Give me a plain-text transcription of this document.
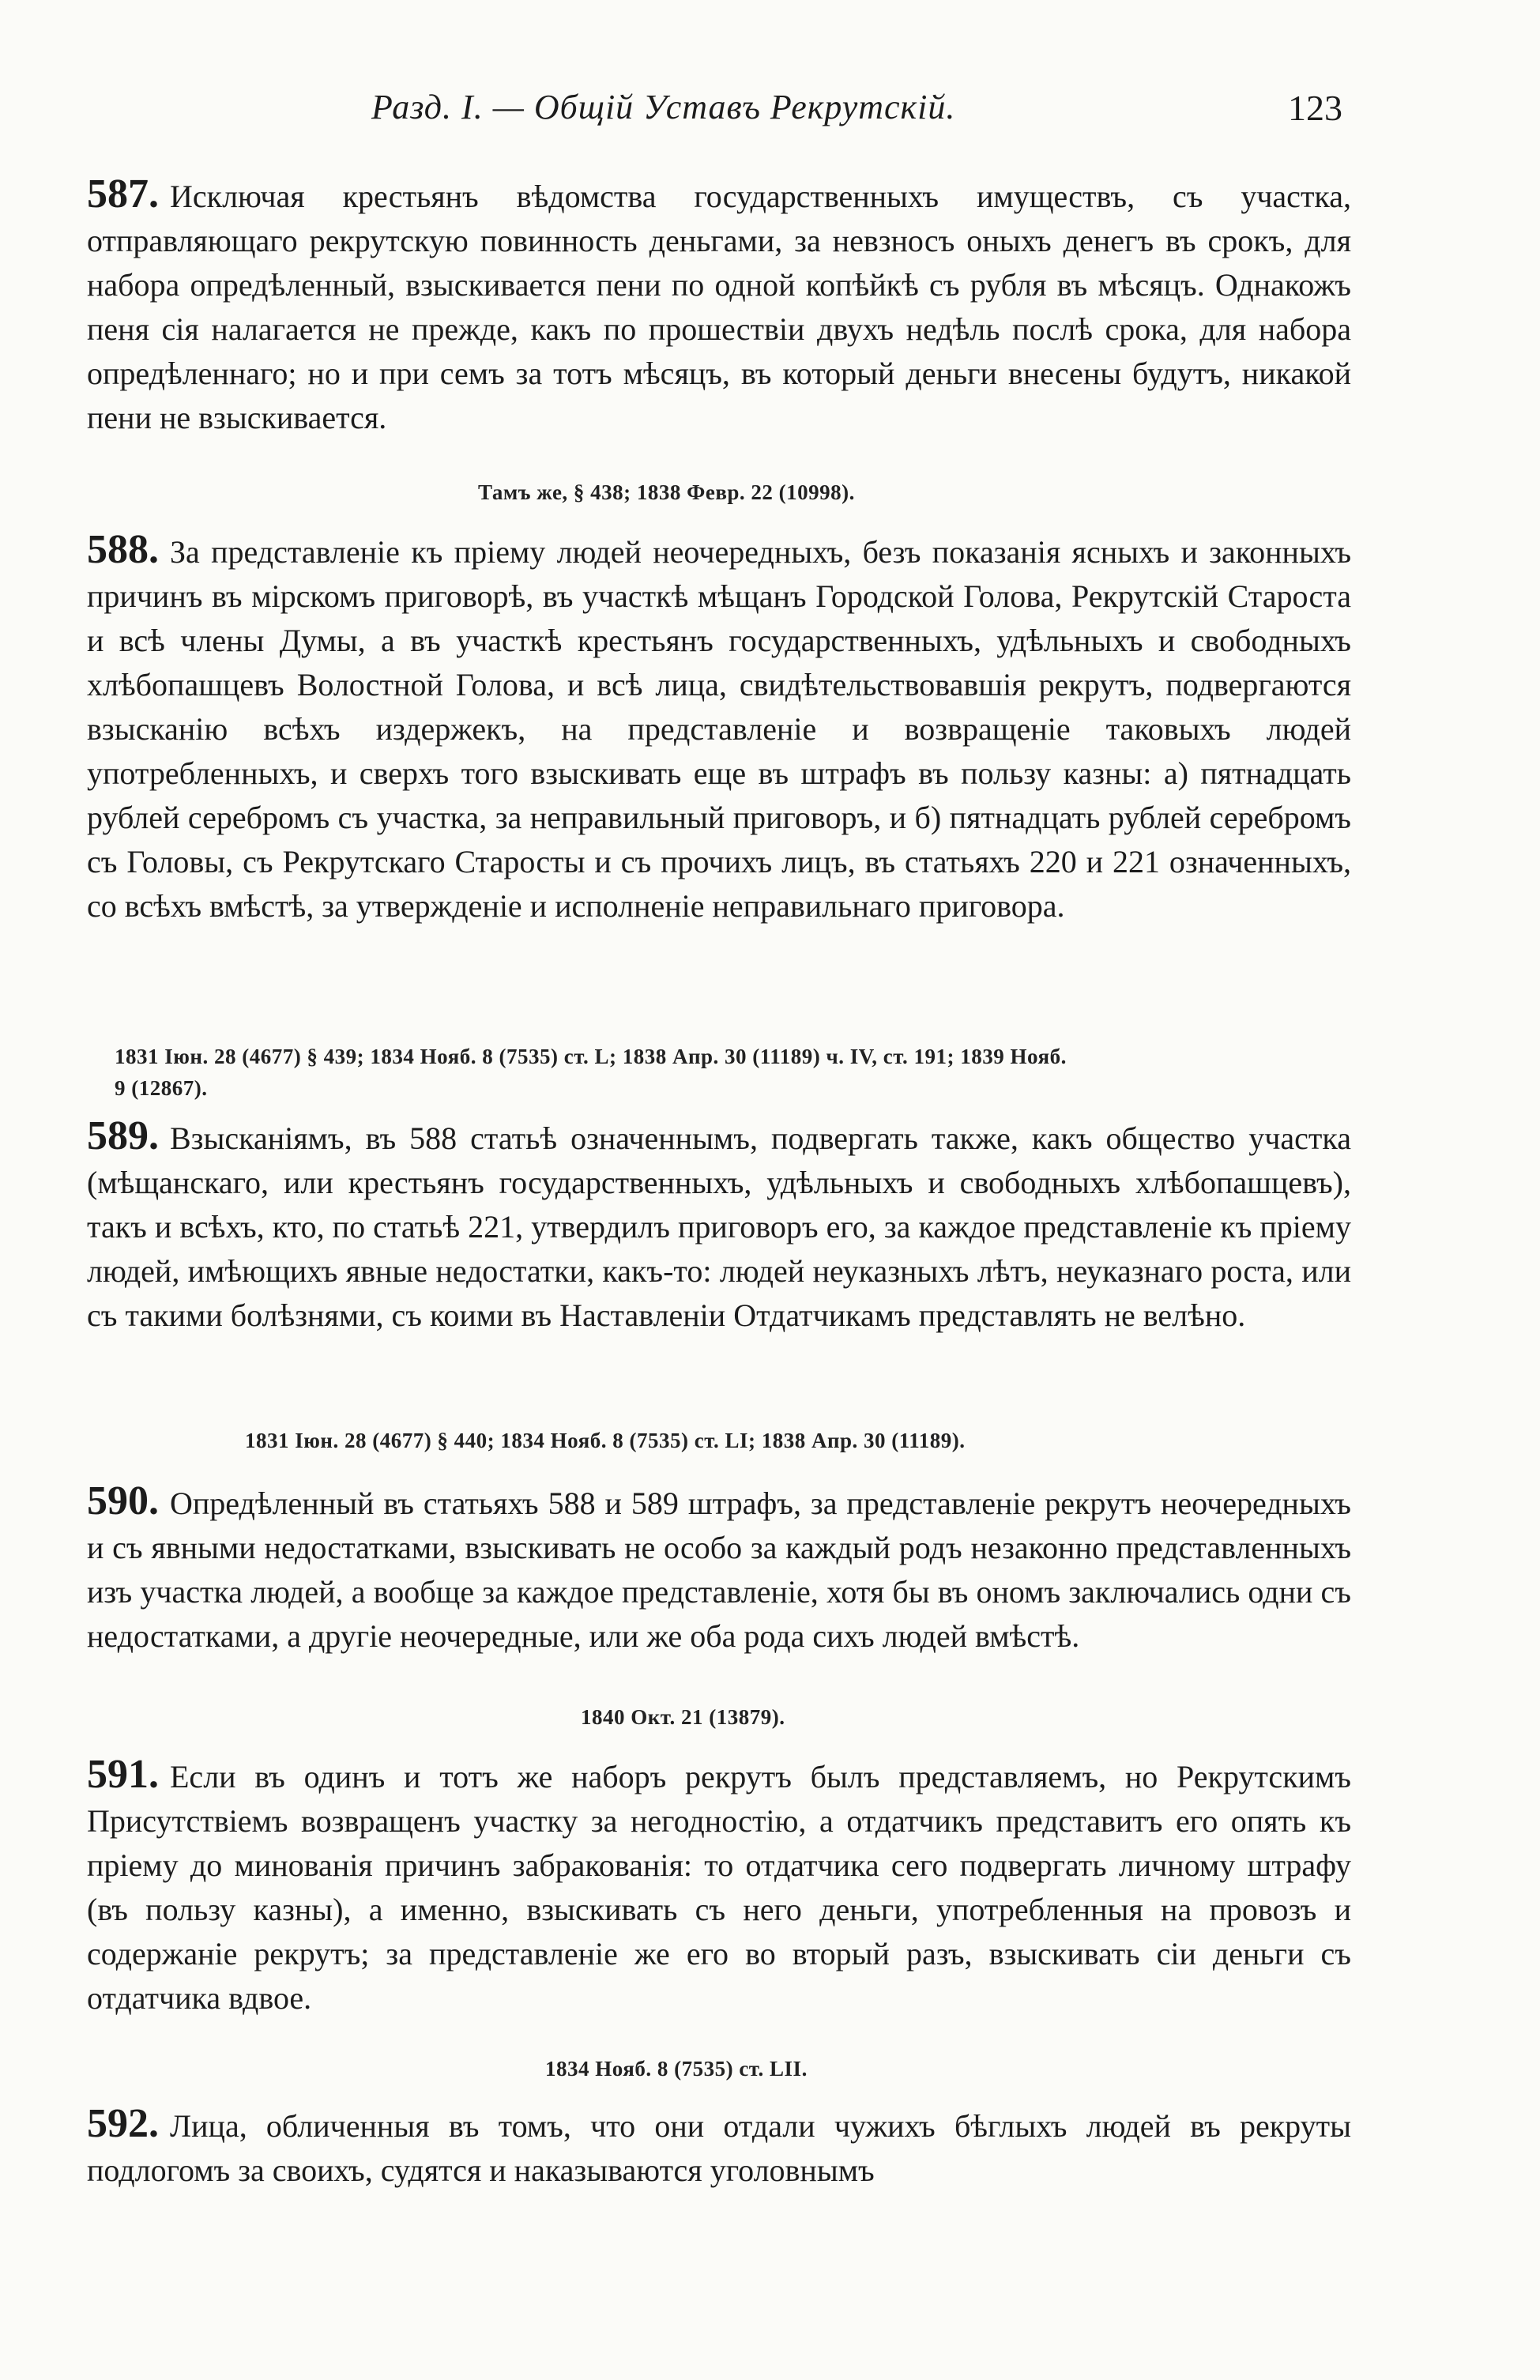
Разд. I. — Общій Уставъ Рекрутскій.	123

587. Исключая крестьянъ вѣдомства государственныхъ имуществъ, съ участка, отправляющаго рекрутскую повинность деньгами, за невзносъ оныхъ денегъ въ срокъ, для набора опредѣленный, взыскивается пени по одной копѣйкѣ съ рубля въ мѣсяцъ. Однакожъ пеня сія налагается не прежде, какъ по прошествіи двухъ недѣль послѣ срока, для набора опредѣленнаго; но и при семъ за тотъ мѣсяцъ, въ который деньги внесены будутъ, никакой пени не взыскивается.

Тамъ же, § 438; 1838 Февр. 22 (10998).

588. За представленіе къ пріему людей неочередныхъ, безъ показанія ясныхъ и законныхъ причинъ въ мірскомъ приговорѣ, въ участкѣ мѣщанъ Городской Голова, Рекрутскій Староста и всѣ члены Думы, а въ участкѣ крестьянъ государственныхъ, удѣльныхъ и свободныхъ хлѣбопашцевъ Волостной Голова, и всѣ лица, свидѣтельствовавшія рекрутъ, подвергаются взысканію всѣхъ издержекъ, на представленіе и возвращеніе таковыхъ людей употребленныхъ, и сверхъ того взыскивать еще въ штрафъ въ пользу казны: а) пятнадцать рублей серебромъ съ участка, за неправильный приговоръ, и б) пятнадцать рублей серебромъ съ Головы, съ Рекрутскаго Старосты и съ прочихъ лицъ, въ статьяхъ 220 и 221 означенныхъ, со всѣхъ вмѣстѣ, за утвержденіе и исполненіе неправильнаго приговора.

1831 Іюн. 28 (4677) § 439; 1834 Нояб. 8 (7535) ст. L; 1838 Апр. 30 (11189) ч. IV, ст. 191; 1839 Нояб.
9 (12867).

589. Взысканіямъ, въ 588 статьѣ означеннымъ, подвергать также, какъ общество участка (мѣщанскаго, или крестьянъ государственныхъ, удѣльныхъ и свободныхъ хлѣбопашцевъ), такъ и всѣхъ, кто, по статьѣ 221, утвердилъ приговоръ его, за каждое представленіе къ пріему людей, имѣющихъ явные недостатки, какъ-то: людей неуказныхъ лѣтъ, неуказнаго роста, или съ такими болѣзнями, съ коими въ Наставленіи Отдатчикамъ представлять не велѣно.

1831 Іюн. 28 (4677) § 440; 1834 Нояб. 8 (7535) ст. LI; 1838 Апр. 30 (11189).

590. Опредѣленный въ статьяхъ 588 и 589 штрафъ, за представленіе рекрутъ неочередныхъ и съ явными недостатками, взыскивать не особо за каждый родъ незаконно представленныхъ изъ участка людей, а вообще за каждое представленіе, хотя бы въ ономъ заключались одни съ недостатками, а другіе неочередные, или же оба рода сихъ людей вмѣстѣ.

1840 Окт. 21 (13879).

591. Если въ одинъ и тотъ же наборъ рекрутъ былъ представляемъ, но Рекрутскимъ Присутствіемъ возвращенъ участку за негодностію, а отдатчикъ представитъ его опять къ пріему до минованія причинъ забракованія: то отдатчика сего подвергать личному штрафу (въ пользу казны), а именно, взыскивать съ него деньги, употребленныя на провозъ и содержаніе рекрутъ; за представленіе же его во вторый разъ, взыскивать сіи деньги съ отдатчика вдвое.

1834 Нояб. 8 (7535) ст. LII.

592. Лица, обличенныя въ томъ, что они отдали чужихъ бѣглыхъ людей въ рекруты подлогомъ за своихъ, судятся и наказываются уголовнымъ
